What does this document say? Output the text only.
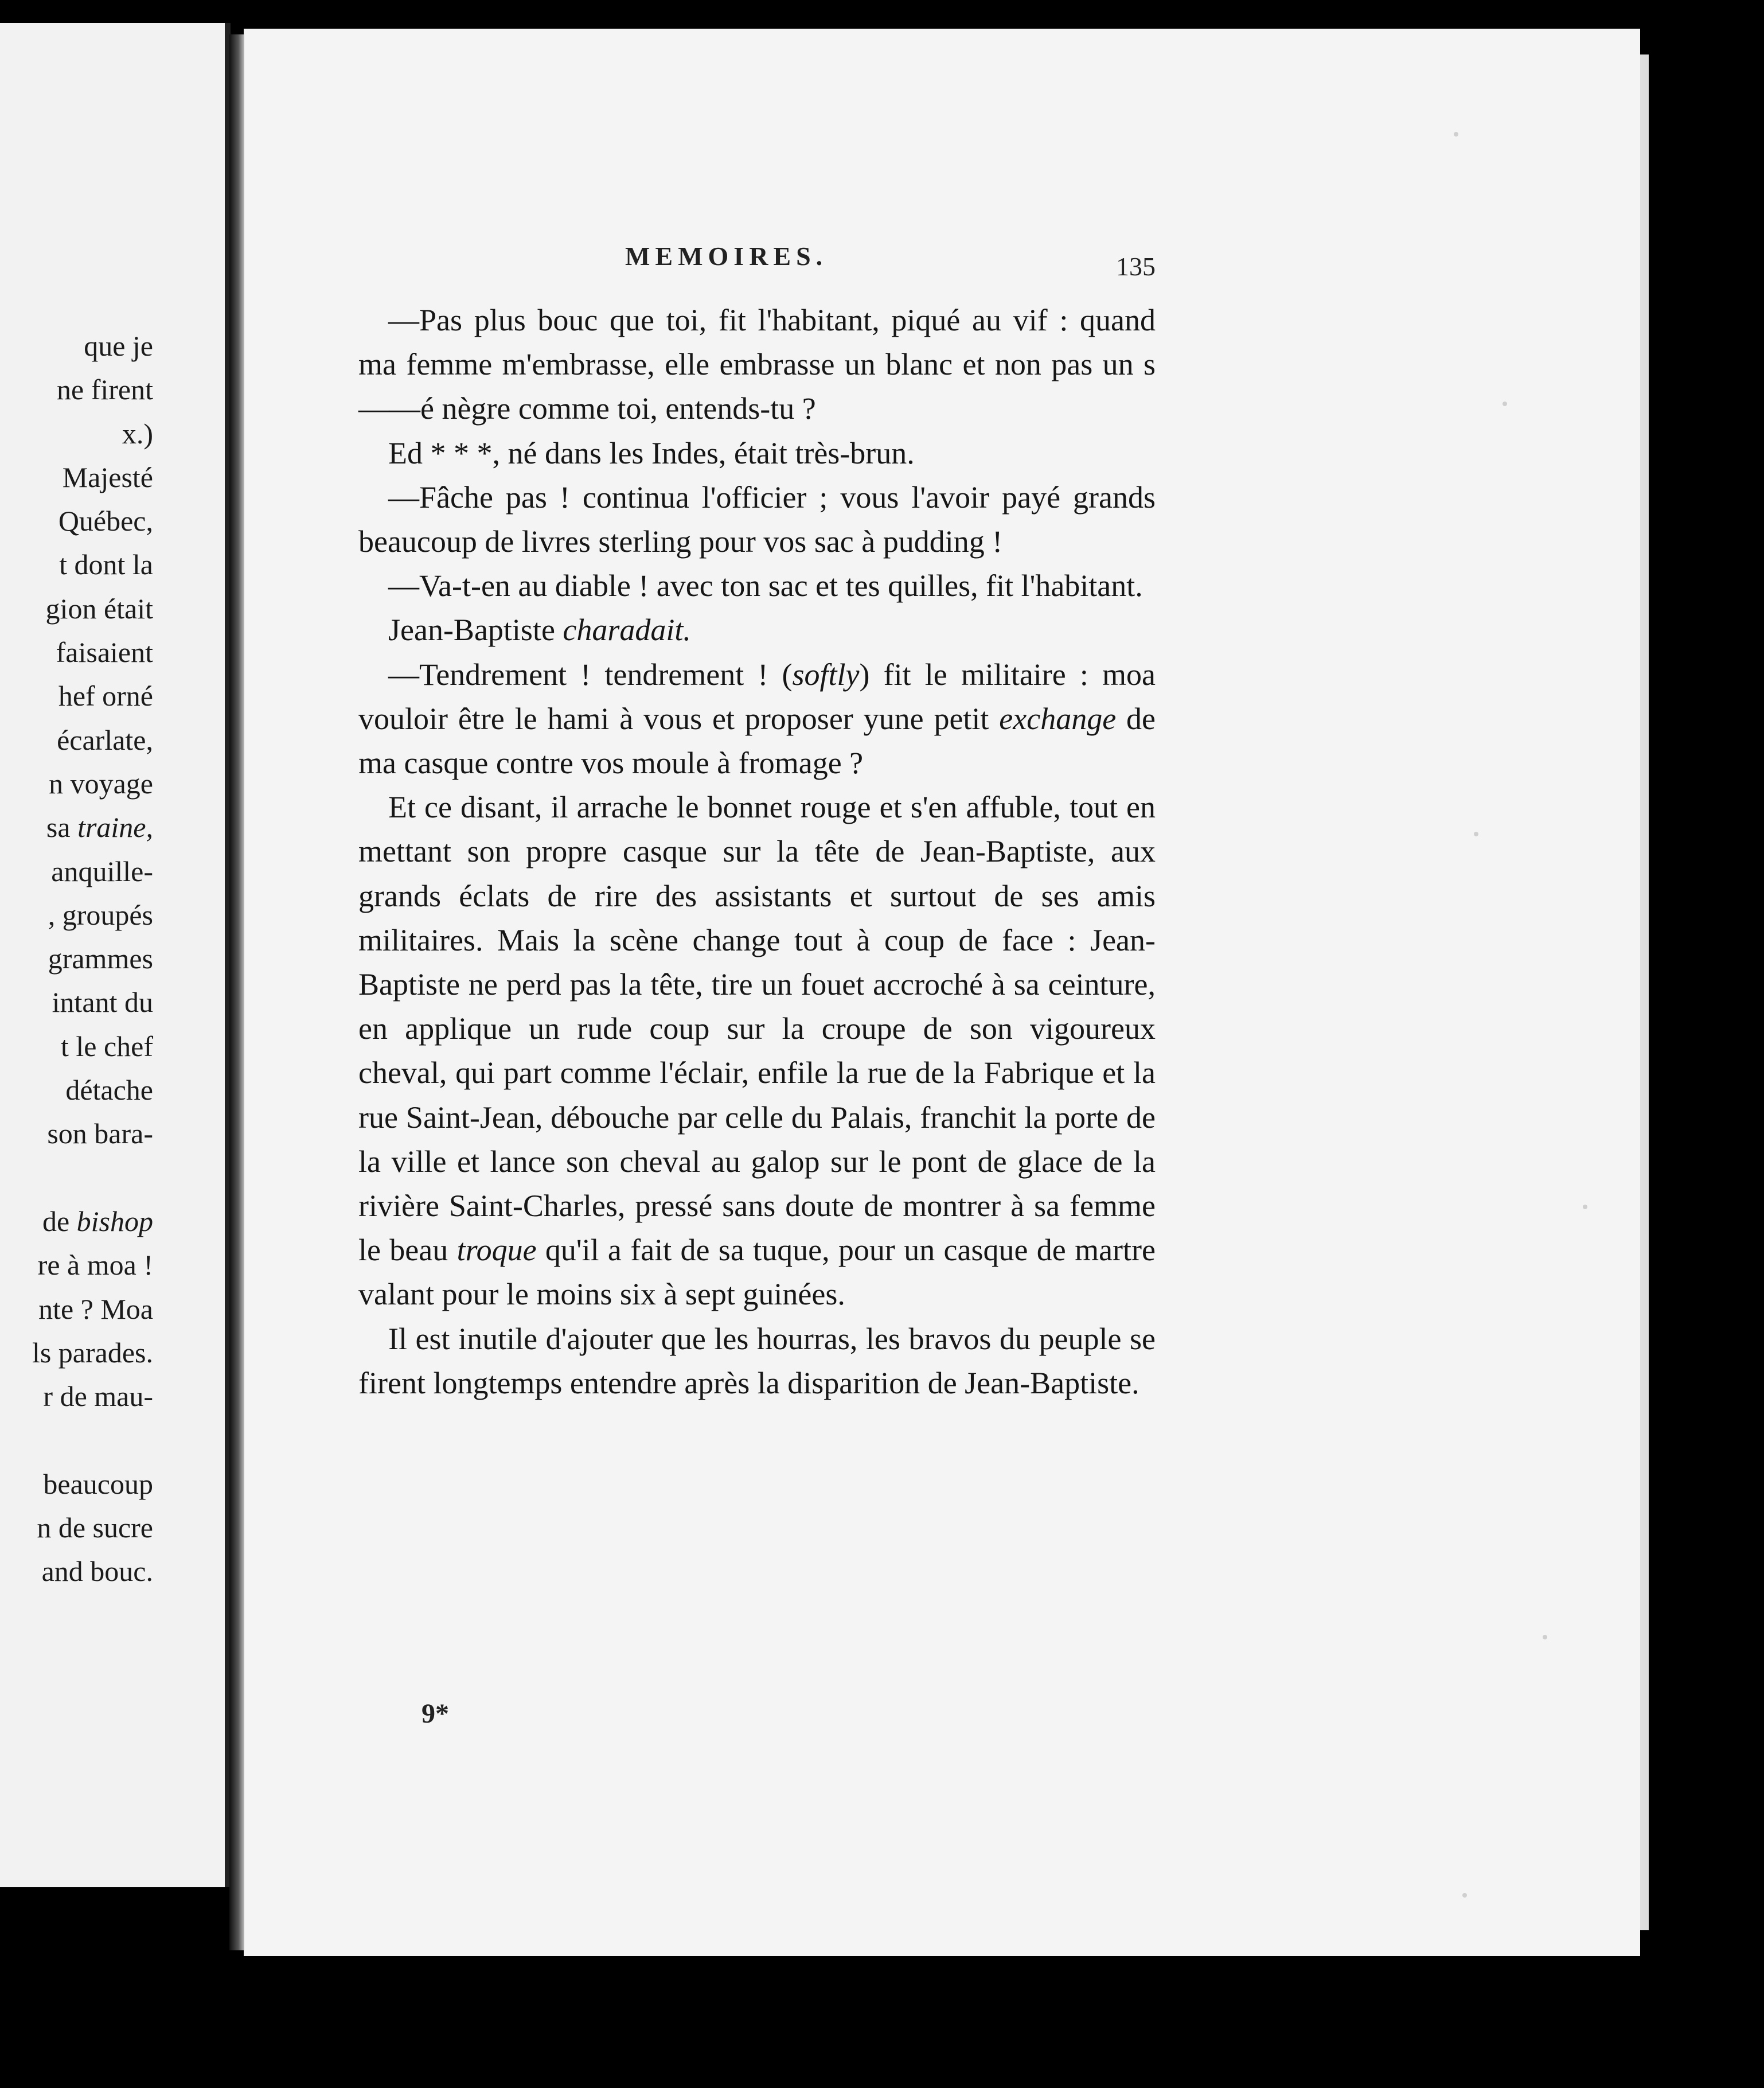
que je
ne firent
x.)
Majesté
Québec,
t dont la
gion était
faisaient
hef orné
écarlate,
n voyage
sa traine,
anquille-
, groupés
grammes
intant du
t le chef
détache
son bara-
de bishop
re à moa !
nte ? Moa
ls parades.
r de mau-
beaucoup
n de sucre
and bouc.
MEMOIRES.	135

—Pas plus bouc que toi, fit l'habitant, piqué au vif : quand ma femme m'embrasse, elle embrasse un blanc et non pas un s——é nègre comme toi, entends-tu ?

Ed * * *, né dans les Indes, était très-brun.

—Fâche pas ! continua l'officier ; vous l'avoir payé grands beaucoup de livres sterling pour vos sac à pudding !

—Va-t-en au diable ! avec ton sac et tes quilles, fit l'habitant.

Jean-Baptiste charadait.

—Tendrement ! tendrement ! (softly) fit le militaire : moa vouloir être le hami à vous et proposer yune petit exchange de ma casque contre vos moule à fromage ?

Et ce disant, il arrache le bonnet rouge et s'en affuble, tout en mettant son propre casque sur la tête de Jean-Baptiste, aux grands éclats de rire des assistants et surtout de ses amis militaires. Mais la scène change tout à coup de face : Jean-Baptiste ne perd pas la tête, tire un fouet accroché à sa ceinture, en applique un rude coup sur la croupe de son vigoureux cheval, qui part comme l'éclair, enfile la rue de la Fabrique et la rue Saint-Jean, débouche par celle du Palais, franchit la porte de la ville et lance son cheval au galop sur le pont de glace de la rivière Saint-Charles, pressé sans doute de montrer à sa femme le beau troque qu'il a fait de sa tuque, pour un casque de martre valant pour le moins six à sept guinées.

Il est inutile d'ajouter que les hourras, les bravos du peuple se firent longtemps entendre après la disparition de Jean-Baptiste.

9*
